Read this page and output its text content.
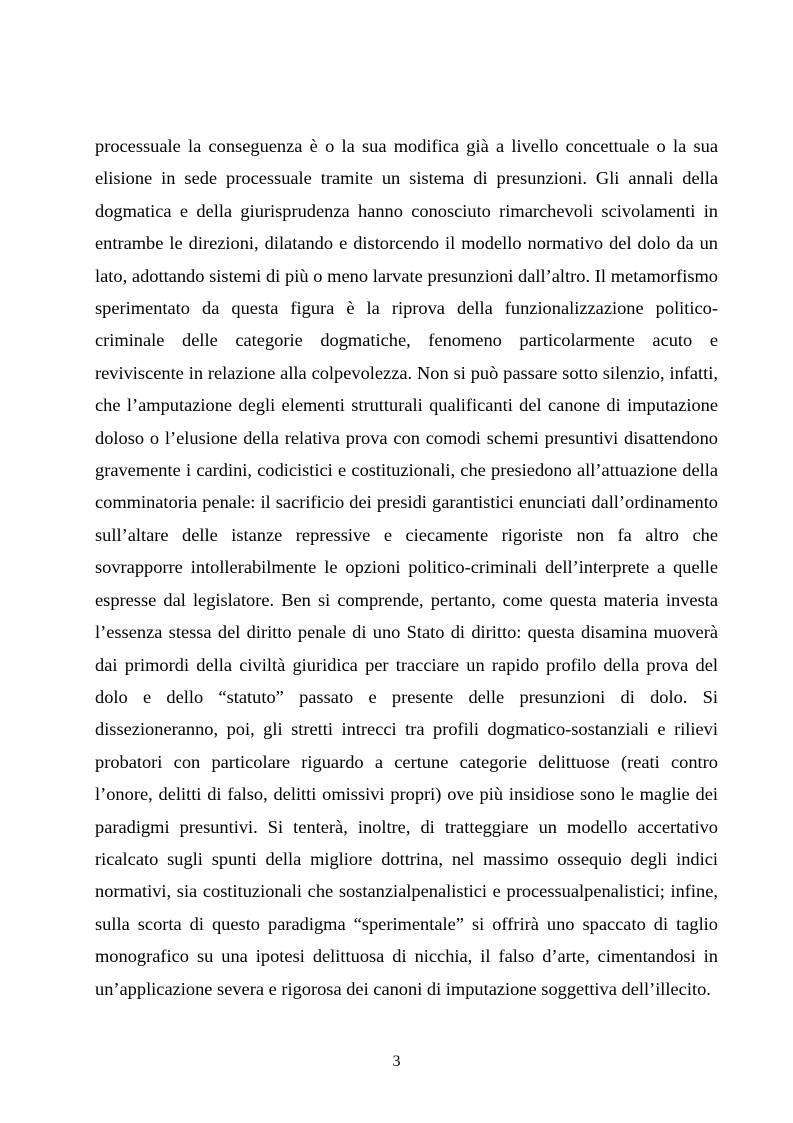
processuale la conseguenza è o la sua modifica già a livello concettuale o la sua elisione in sede processuale tramite un sistema di presunzioni. Gli annali della dogmatica e della giurisprudenza hanno conosciuto rimarchevoli scivolamenti in entrambe le direzioni, dilatando e distorcendo il modello normativo del dolo da un lato, adottando sistemi di più o meno larvate presunzioni dall’altro. Il metamorfismo sperimentato da questa figura è la riprova della funzionalizzazione politico-criminale delle categorie dogmatiche, fenomeno particolarmente acuto e reviviscente in relazione alla colpevolezza. Non si può passare sotto silenzio, infatti, che l’amputazione degli elementi strutturali qualificanti del canone di imputazione doloso o l’elusione della relativa prova con comodi schemi presuntivi disattendono gravemente i cardini, codicistici e costituzionali, che presiedono all’attuazione della comminatoria penale: il sacrificio dei presidi garantistici enunciati dall’ordinamento sull’altare delle istanze repressive e ciecamente rigoriste non fa altro che sovrapporre intollerabilmente le opzioni politico-criminali dell’interprete a quelle espresse dal legislatore. Ben si comprende, pertanto, come questa materia investa l’essenza stessa del diritto penale di uno Stato di diritto: questa disamina muoverà dai primordi della civiltà giuridica per tracciare un rapido profilo della prova del dolo e dello “statuto” passato e presente delle presunzioni di dolo. Si dissezioneranno, poi, gli stretti intrecci tra profili dogmatico-sostanziali e rilievi probatori con particolare riguardo a certune categorie delittuose (reati contro l’onore, delitti di falso, delitti omissivi propri) ove più insidiose sono le maglie dei paradigmi presuntivi. Si tenterà, inoltre, di tratteggiare un modello accertativo ricalcato sugli spunti della migliore dottrina, nel massimo ossequio degli indici normativi, sia costituzionali che sostanzialpenalistici e processualpenalistici; infine, sulla scorta di questo paradigma “sperimentale” si offrirà uno spaccato di taglio monografico su una ipotesi delittuosa di nicchia, il falso d’arte, cimentandosi in un’applicazione severa e rigorosa dei canoni di imputazione soggettiva dell’illecito.

3
